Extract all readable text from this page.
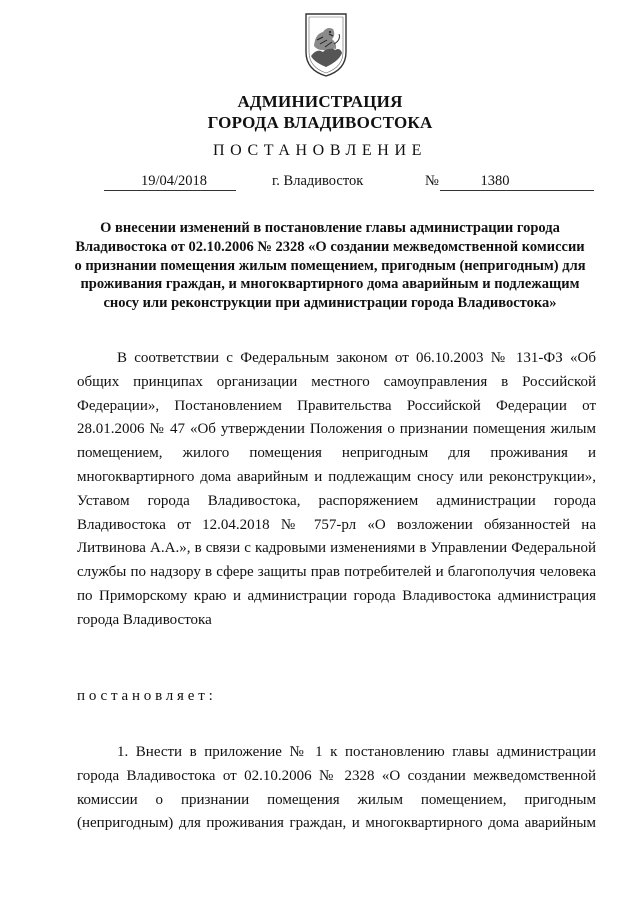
АДМИНИСТРАЦИЯ
ГОРОДА ВЛАДИВОСТОКА
ПОСТАНОВЛЕНИЕ
19/04/2018	г. Владивосток	№	1380
О внесении изменений в постановление главы администрации города Владивостока от 02.10.2006 № 2328 «О создании межведомственной комиссии о признании помещения жилым помещением, пригодным (непригодным) для проживания граждан, и многоквартирного дома аварийным и подлежащим сносу или реконструкции при администрации города Владивостока»
В соответствии с Федеральным законом от 06.10.2003 № 131-ФЗ «Об общих принципах организации местного самоуправления в Российской Федерации», Постановлением Правительства Российской Федерации от 28.01.2006 № 47 «Об утверждении Положения о признании помещения жилым помещением, жилого помещения непригодным для проживания и многоквартирного дома аварийным и подлежащим сносу или реконструкции», Уставом города Владивостока, распоряжением администрации города Владивостока от 12.04.2018 № 757-рл «О возложении обязанностей на Литвинова А.А.», в связи с кадровыми изменениями в Управлении Федеральной службы по надзору в сфере защиты прав потребителей и благополучия человека по Приморскому краю и администрации города Владивостока администрация города Владивостока
постановляет:
1. Внести в приложение № 1 к постановлению главы администрации города Владивостока от 02.10.2006 № 2328 «О создании межведомственной комиссии о признании помещения жилым помещением, пригодным (непригодным) для проживания граждан, и многоквартирного дома аварийным
